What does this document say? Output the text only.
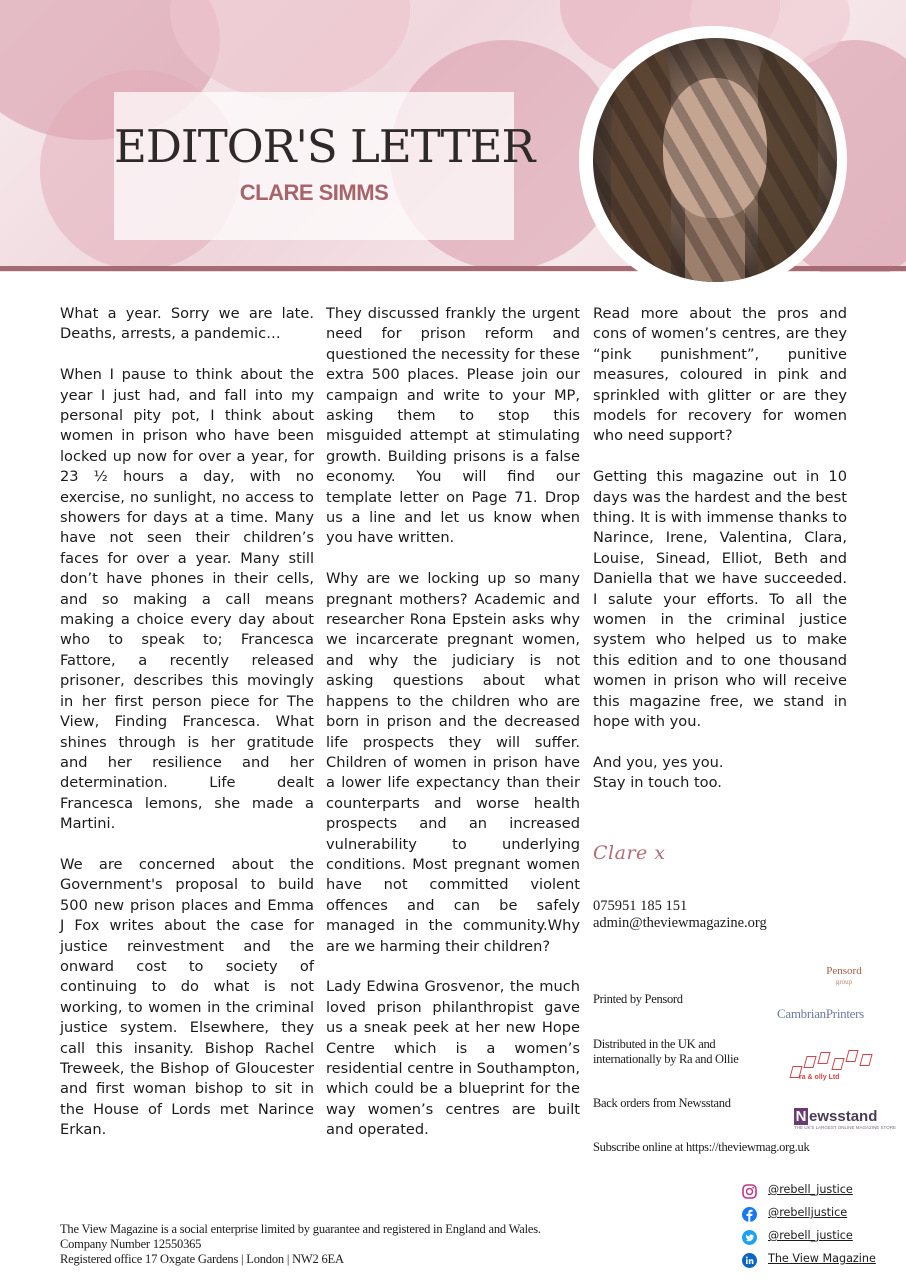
EDITOR'S LETTER
CLARE SIMMS

What a year. Sorry we are late. Deaths, arrests, a pandemic…

When I pause to think about the year I just had, and fall into my personal pity pot, I think about women in prison who have been locked up now for over a year, for 23 ½ hours a day, with no exercise, no sunlight, no access to showers for days at a time. Many have not seen their children’s faces for over a year. Many still don’t have phones in their cells, and so making a call means making a choice every day about who to speak to; Francesca Fattore, a recently released prisoner, describes this movingly in her first person piece for The View, Finding Francesca. What shines through is her gratitude and her resilience and her determination. Life dealt Francesca lemons, she made a Martini.

We are concerned about the Government's proposal to build 500 new prison places and Emma J Fox writes about the case for justice reinvestment and the onward cost to society of continuing to do what is not working, to women in the criminal justice system. Elsewhere, they call this insanity. Bishop Rachel Treweek, the Bishop of Gloucester and first woman bishop to sit in the House of Lords met Narince Erkan.

They discussed frankly the urgent need for prison reform and questioned the necessity for these extra 500 places. Please join our campaign and write to your MP, asking them to stop this misguided attempt at stimulating growth. Building prisons is a false economy. You will find our template letter on Page 71. Drop us a line and let us know when you have written.

Why are we locking up so many pregnant mothers? Academic and researcher Rona Epstein asks why we incarcerate pregnant women, and why the judiciary is not asking questions about what happens to the children who are born in prison and the decreased life prospects they will suffer. Children of women in prison have a lower life expectancy than their counterparts and worse health prospects and an increased vulnerability to underlying conditions. Most pregnant women have not committed violent offences and can be safely managed in the community.Why are we harming their children?

Lady Edwina Grosvenor, the much loved prison philanthropist gave us a sneak peek at her new Hope Centre which is a women’s residential centre in Southampton, which could be a blueprint for the way women’s centres are built and operated.

Read more about the pros and cons of women’s centres, are they “pink punishment”, punitive measures, coloured in pink and sprinkled with glitter or are they models for recovery for women who need support?

Getting this magazine out in 10 days was the hardest and the best thing. It is with immense thanks to Narince, Irene, Valentina, Clara, Louise, Sinead, Elliot, Beth and Daniella that we have succeeded. I salute your efforts. To all the women in the criminal justice system who helped us to make this edition and to one thousand women in prison who will receive this magazine free, we stand in hope with you.

And you, yes you.
Stay in touch too.

Clare x
075951 185 151
admin@theviewmagazine.org
Printed by Pensord
Distributed in the UK and internationally by Ra and Ollie
Back orders from Newsstand
Subscribe online at https://theviewmag.org.uk
Pensord
group
CambrianPrinters
ra & olly Ltd
N ewsstand
THE UK'S LARGEST ONLINE MAGAZINE STORE
@rebell_justice
@rebelljustice
@rebell_justice
The View Magazine
The View Magazine is a social enterprise limited by guarantee and registered in England and Wales.
Company Number 12550365
Registered office 17 Oxgate Gardens | London | NW2 6EA
